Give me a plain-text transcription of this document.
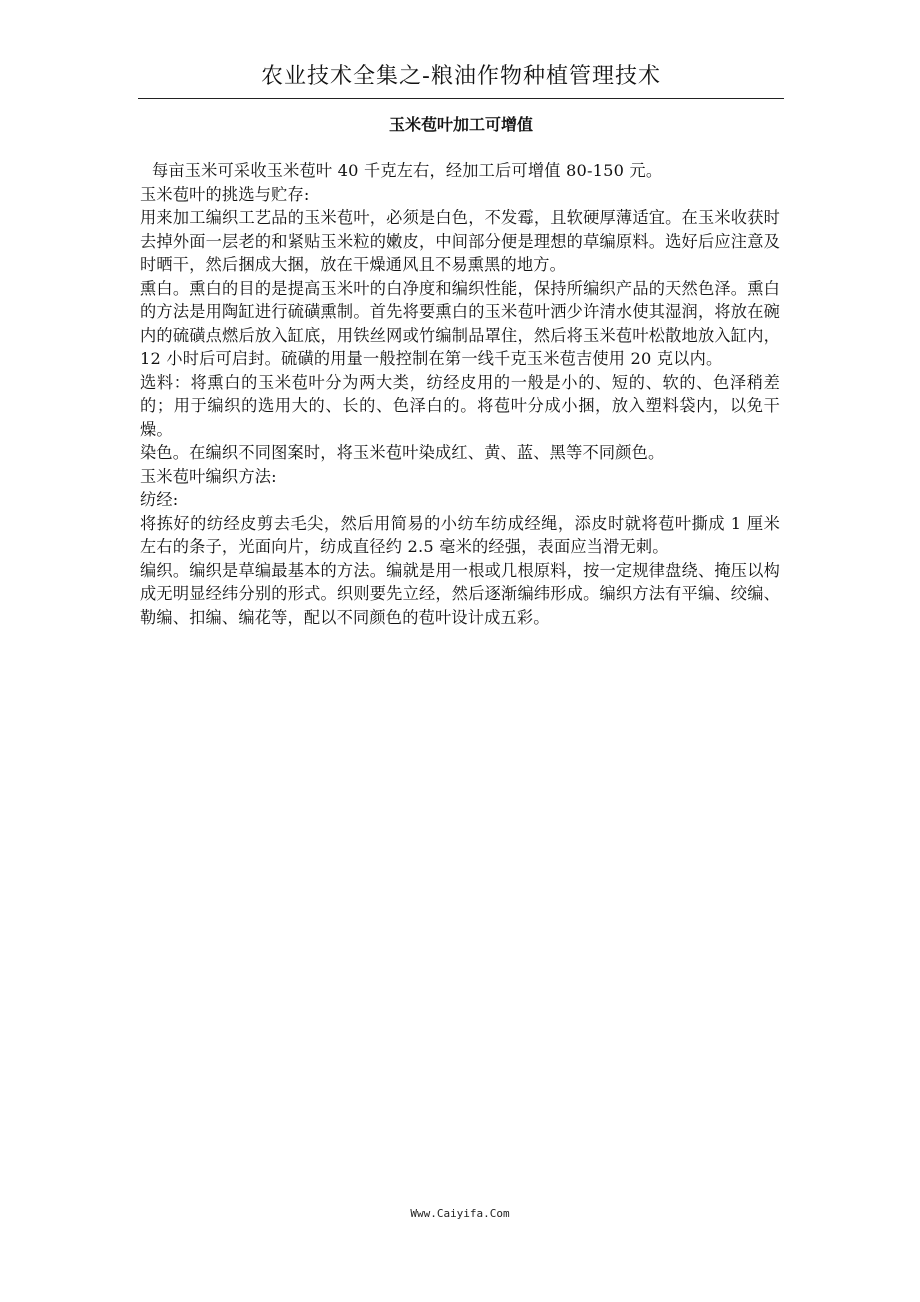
农业技术全集之-粮油作物种植管理技术
玉米苞叶加工可增值

每亩玉米可采收玉米苞叶 40 千克左右，经加工后可增值 80-150 元。

玉米苞叶的挑选与贮存:

用来加工编织工艺品的玉米苞叶，必须是白色，不发霉，且软硬厚薄适宜。在玉米收获时去掉外面一层老的和紧贴玉米粒的嫩皮，中间部分便是理想的草编原料。选好后应注意及时晒干，然后捆成大捆，放在干燥通风且不易熏黑的地方。

熏白。熏白的目的是提高玉米叶的白净度和编织性能，保持所编织产品的天然色泽。熏白的方法是用陶缸进行硫磺熏制。首先将要熏白的玉米苞叶洒少许清水使其湿润，将放在碗内的硫磺点燃后放入缸底，用铁丝网或竹编制品罩住，然后将玉米苞叶松散地放入缸内，12 小时后可启封。硫磺的用量一般控制在第一线千克玉米苞吉使用 20 克以内。

选料：将熏白的玉米苞叶分为两大类，纺经皮用的一般是小的、短的、软的、色泽稍差的；用于编织的选用大的、长的、色泽白的。将苞叶分成小捆，放入塑料袋内，以免干燥。

染色。在编织不同图案时，将玉米苞叶染成红、黄、蓝、黑等不同颜色。

玉米苞叶编织方法:

纺经:

将拣好的纺经皮剪去毛尖，然后用简易的小纺车纺成经绳，添皮时就将苞叶撕成 1 厘米左右的条子，光面向片，纺成直径约 2.5 毫米的经强，表面应当滑无刺。

编织。编织是草编最基本的方法。编就是用一根或几根原料，按一定规律盘绕、掩压以构成无明显经纬分别的形式。织则要先立经，然后逐渐编纬形成。编织方法有平编、绞编、勒编、扣编、编花等，配以不同颜色的苞叶设计成五彩。

Www.Caiyifa.Com
